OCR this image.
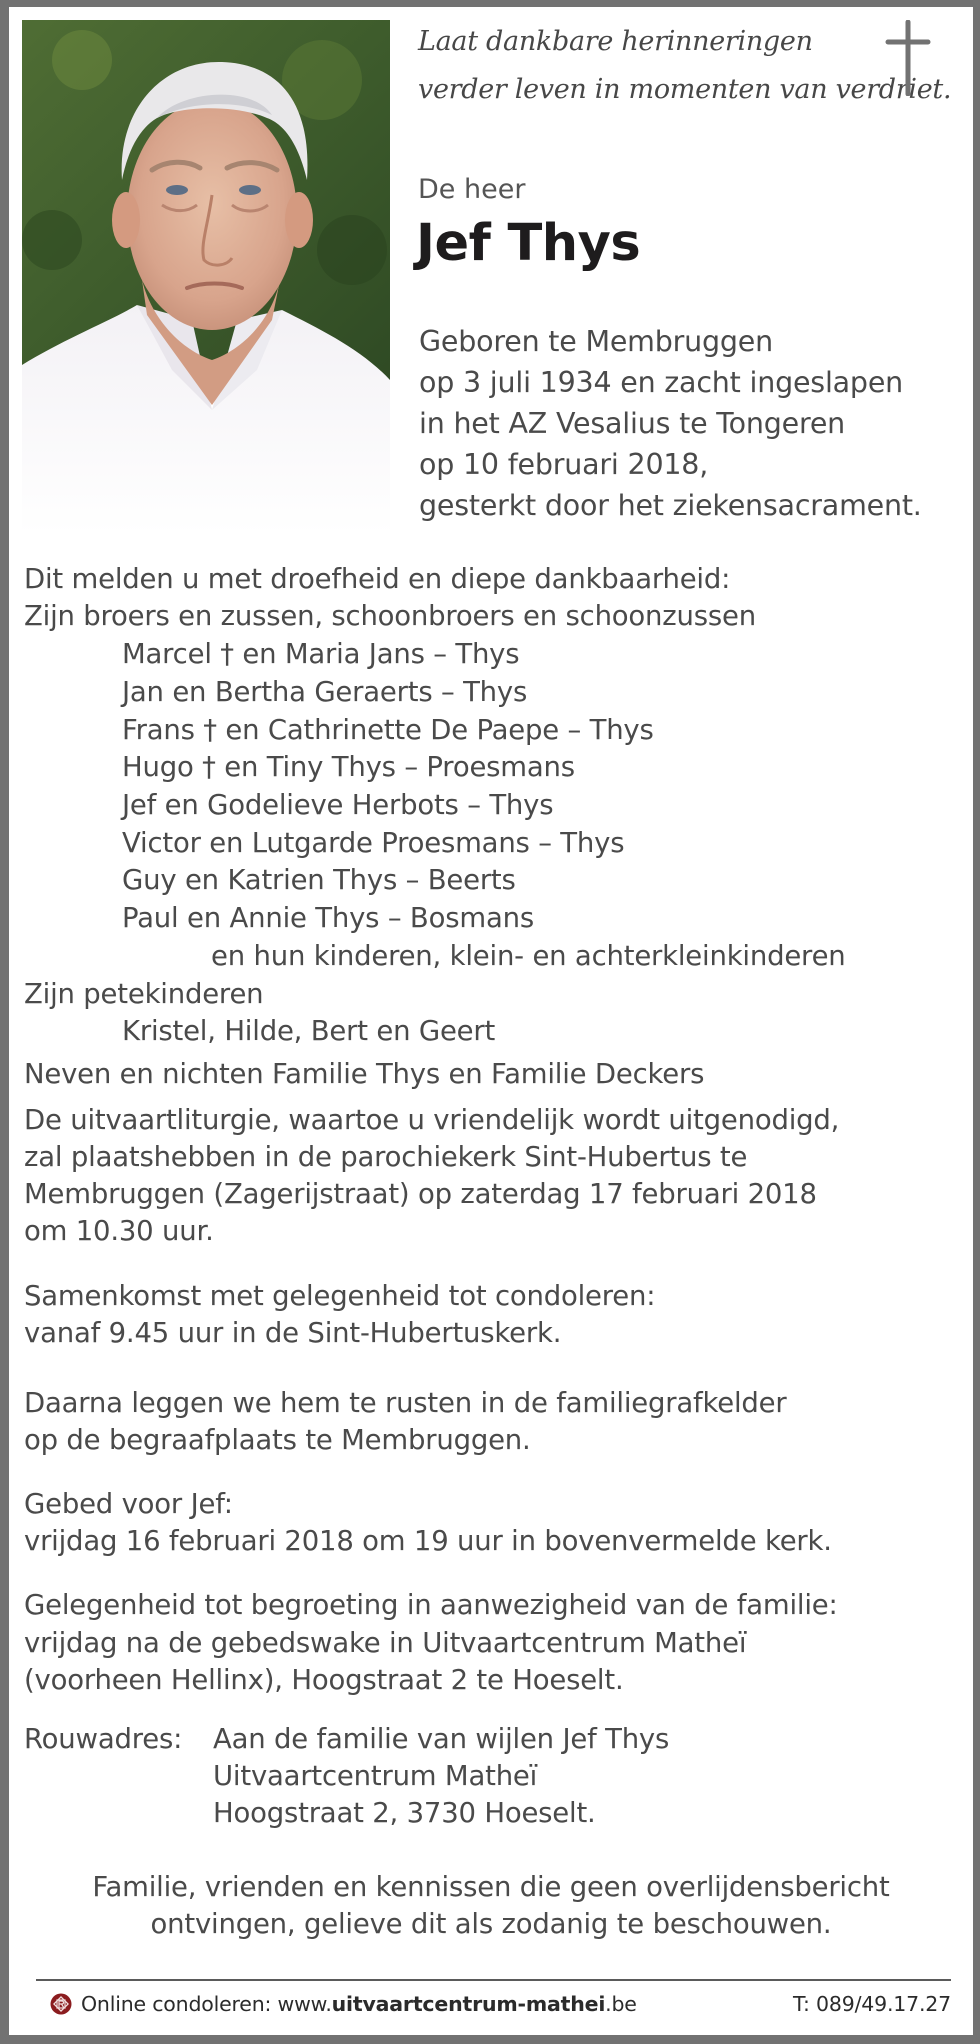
Laat dankbare herinneringen
verder leven in momenten van verdriet.
De heer
Jef Thys
Geboren te Membruggen
op 3 juli 1934 en zacht ingeslapen
in het AZ Vesalius te Tongeren
op 10 februari 2018,
gesterkt door het ziekensacrament.
Dit melden u met droefheid en diepe dankbaarheid:
Zijn broers en zussen, schoonbroers en schoonzussen
Marcel † en Maria Jans – Thys
Jan en Bertha Geraerts – Thys
Frans † en Cathrinette De Paepe – Thys
Hugo † en Tiny Thys – Proesmans
Jef en Godelieve Herbots – Thys
Victor en Lutgarde Proesmans – Thys
Guy en Katrien Thys – Beerts
Paul en Annie Thys – Bosmans
en hun kinderen, klein- en achterkleinkinderen
Zijn petekinderen
Kristel, Hilde, Bert en Geert
Neven en nichten Familie Thys en Familie Deckers
De uitvaartliturgie, waartoe u vriendelijk wordt uitgenodigd,
zal plaatshebben in de parochiekerk Sint-Hubertus te
Membruggen (Zagerijstraat) op zaterdag 17 februari 2018
om 10.30 uur.
Samenkomst met gelegenheid tot condoleren:
vanaf 9.45 uur in de Sint-Hubertuskerk.
Daarna leggen we hem te rusten in de familiegrafkelder
op de begraafplaats te Membruggen.
Gebed voor Jef:
vrijdag 16 februari 2018 om 19 uur in bovenvermelde kerk.
Gelegenheid tot begroeting in aanwezigheid van de familie:
vrijdag na de gebedswake in Uitvaartcentrum Matheï
(voorheen Hellinx), Hoogstraat 2 te Hoeselt.
Rouwadres: Aan de familie van wijlen Jef Thys
Uitvaartcentrum Matheï
Hoogstraat 2, 3730 Hoeselt.
Familie, vrienden en kennissen die geen overlijdensbericht
ontvingen, gelieve dit als zodanig te beschouwen.
Online condoleren: www.uitvaartcentrum-mathei.be	T: 089/49.17.27
